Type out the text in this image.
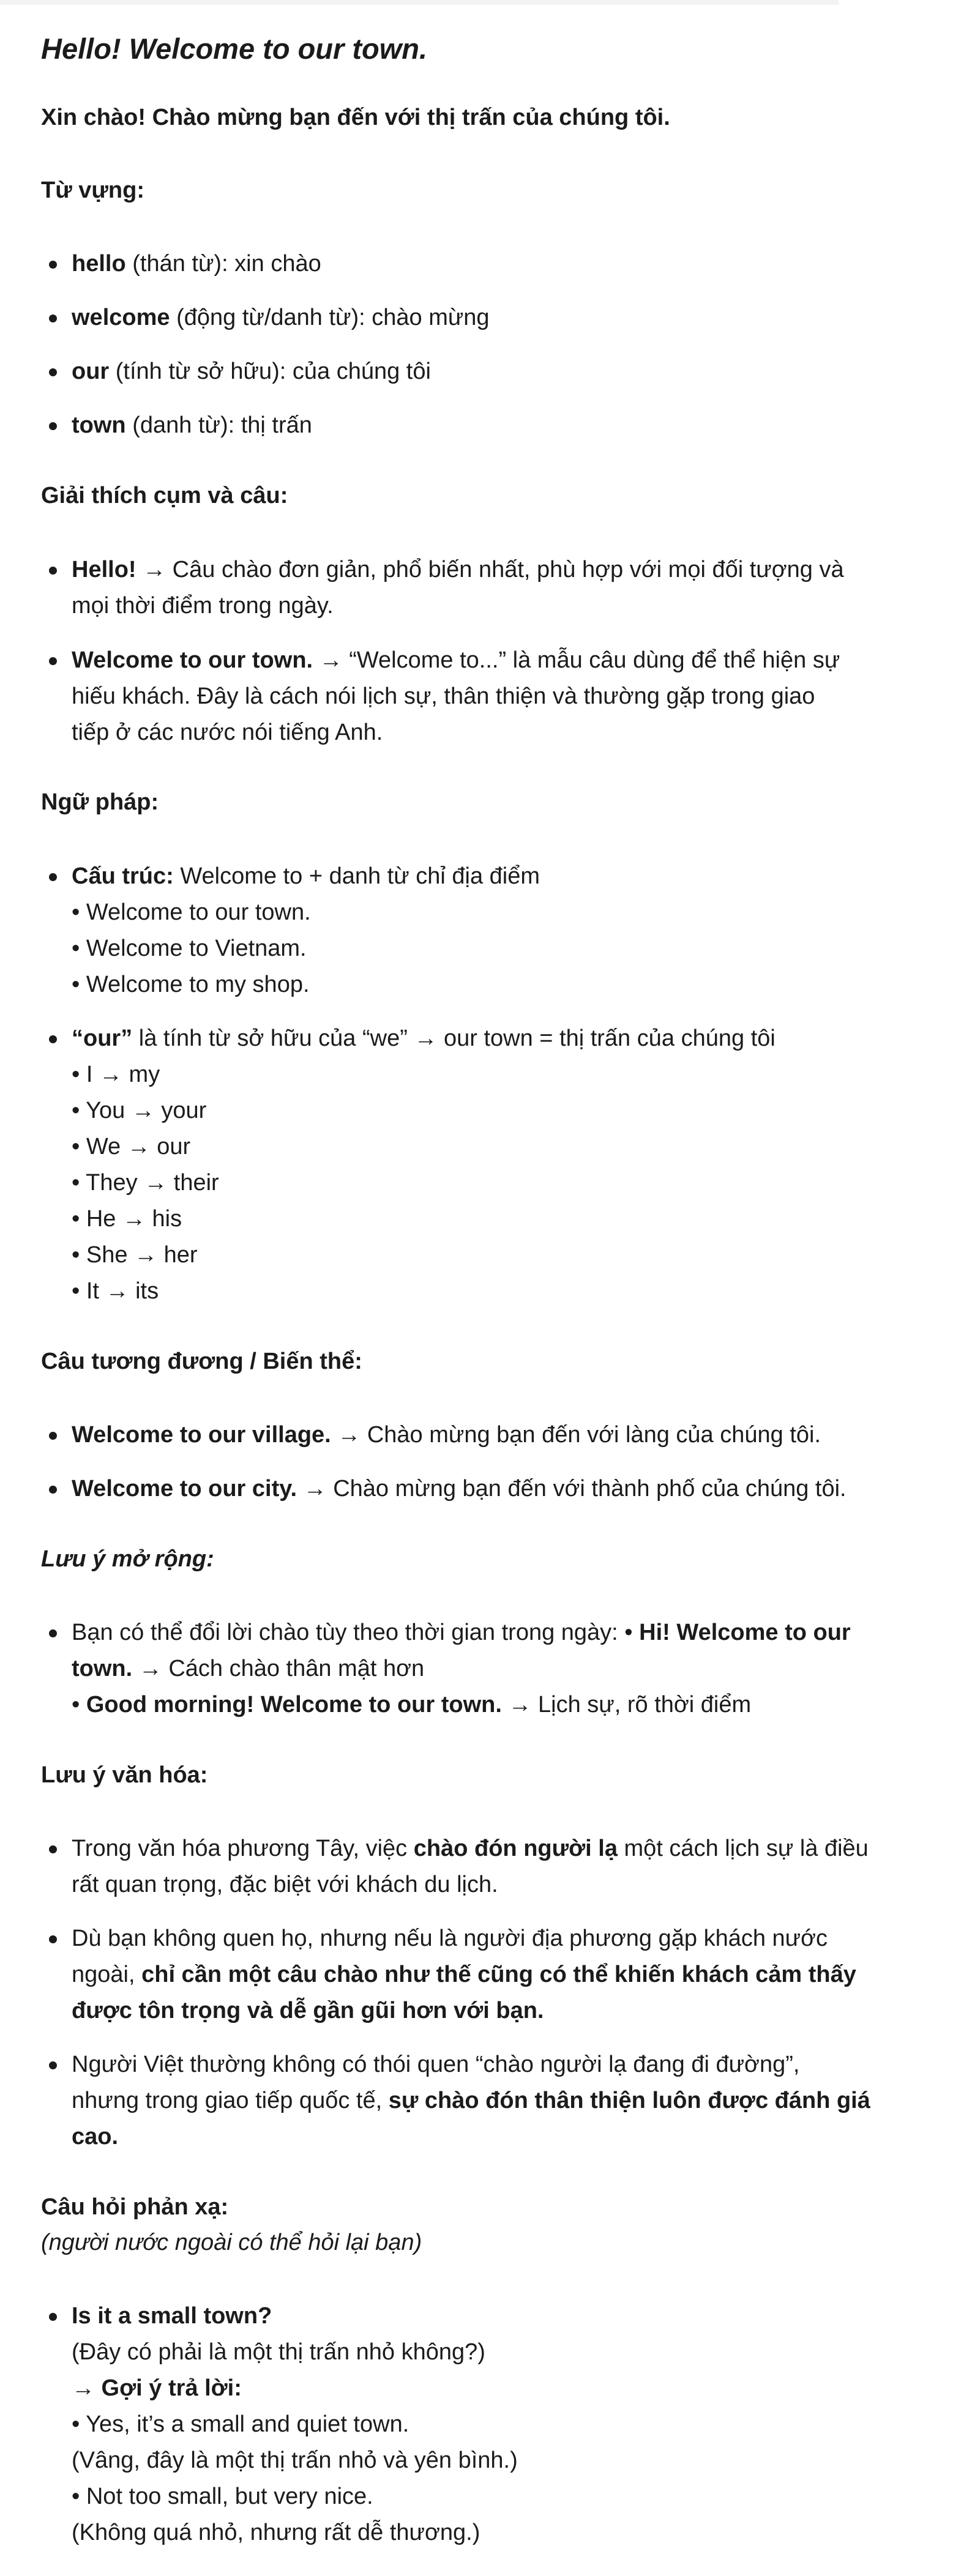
Hello! Welcome to our town.
Xin chào! Chào mừng bạn đến với thị trấn của chúng tôi.
Từ vựng:
hello (thán từ): xin chào
welcome (động từ/danh từ): chào mừng
our (tính từ sở hữu): của chúng tôi
town (danh từ): thị trấn
Giải thích cụm và câu:
Hello! → Câu chào đơn giản, phổ biến nhất, phù hợp với mọi đối tượng và
mọi thời điểm trong ngày.
Welcome to our town. → “Welcome to...” là mẫu câu dùng để thể hiện sự
hiếu khách. Đây là cách nói lịch sự, thân thiện và thường gặp trong giao
tiếp ở các nước nói tiếng Anh.
Ngữ pháp:
Cấu trúc: Welcome to + danh từ chỉ địa điểm
• Welcome to our town.
• Welcome to Vietnam.
• Welcome to my shop.
“our” là tính từ sở hữu của “we” → our town = thị trấn của chúng tôi
• I → my
• You → your
• We → our
• They → their
• He → his
• She → her
• It → its
Câu tương đương / Biến thể:
Welcome to our village. → Chào mừng bạn đến với làng của chúng tôi.
Welcome to our city. → Chào mừng bạn đến với thành phố của chúng tôi.
Lưu ý mở rộng:
Bạn có thể đổi lời chào tùy theo thời gian trong ngày: • Hi! Welcome to our
town. → Cách chào thân mật hơn
• Good morning! Welcome to our town. → Lịch sự, rõ thời điểm
Lưu ý văn hóa:
Trong văn hóa phương Tây, việc chào đón người lạ một cách lịch sự là điều
rất quan trọng, đặc biệt với khách du lịch.
Dù bạn không quen họ, nhưng nếu là người địa phương gặp khách nước
ngoài, chỉ cần một câu chào như thế cũng có thể khiến khách cảm thấy
được tôn trọng và dễ gần gũi hơn với bạn.
Người Việt thường không có thói quen “chào người lạ đang đi đường”,
nhưng trong giao tiếp quốc tế, sự chào đón thân thiện luôn được đánh giá
cao.
Câu hỏi phản xạ:
(người nước ngoài có thể hỏi lại bạn)
Is it a small town?
(Đây có phải là một thị trấn nhỏ không?)
→ Gợi ý trả lời:
• Yes, it’s a small and quiet town.
(Vâng, đây là một thị trấn nhỏ và yên bình.)
• Not too small, but very nice.
(Không quá nhỏ, nhưng rất dễ thương.)
